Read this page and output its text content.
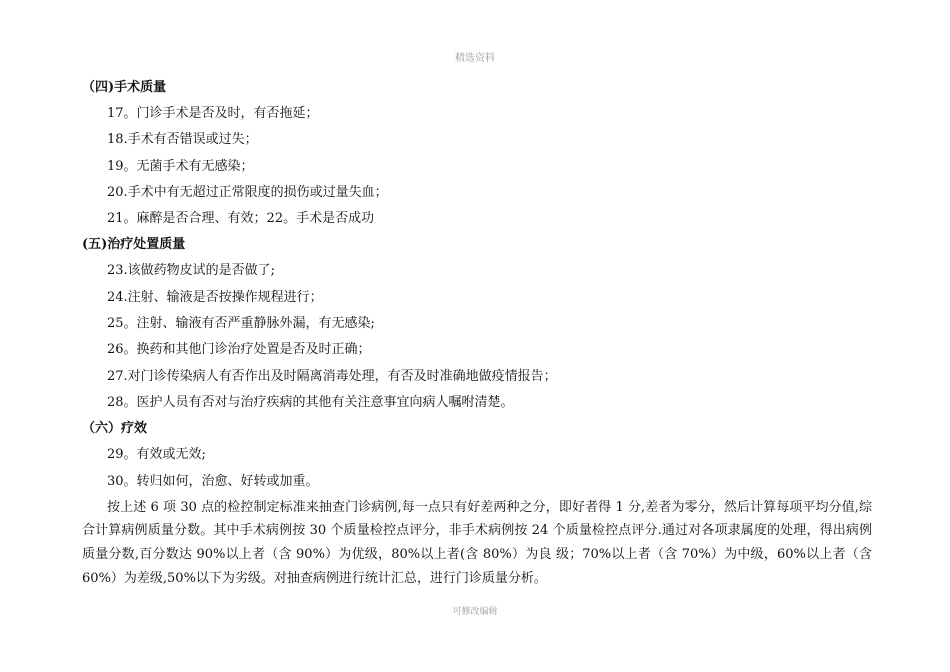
精选资料
（四)手术质量
17。门诊手术是否及时，有否拖延；
18.手术有否错误或过失；
19。无菌手术有无感染；
20.手术中有无超过正常限度的损伤或过量失血；
21。麻醉是否合理、有效；22。手术是否成功
(五)治疗处置质量
23.该做药物皮试的是否做了;
24.注射、输液是否按操作规程进行；
25。注射、输液有否严重静脉外漏，有无感染;
26。换药和其他门诊治疗处置是否及时正确；
27.对门诊传染病人有否作出及时隔离消毒处理，有否及时准确地做疫情报告；
28。医护人员有否对与治疗疾病的其他有关注意事宜向病人嘱咐清楚。
（六）疗效
29。有效或无效;
30。转归如何，治愈、好转或加重。

按上述 6 项 30 点的检控制定标准来抽查门诊病例,每一点只有好差两种之分，即好者得 1 分,差者为零分，然后计算每项平均分值,综合计算病例质量分数。其中手术病例按 30 个质量检控点评分，非手术病例按 24 个质量检控点评分.通过对各项隶属度的处理，得出病例质量分数,百分数达 90%以上者（含 90%）为优级，80%以上者(含 80%）为良 级；70%以上者（含 70%）为中级，60%以上者（含 60%）为差级,50%以下为劣级。对抽查病例进行统计汇总，进行门诊质量分析。

可修改编辑
